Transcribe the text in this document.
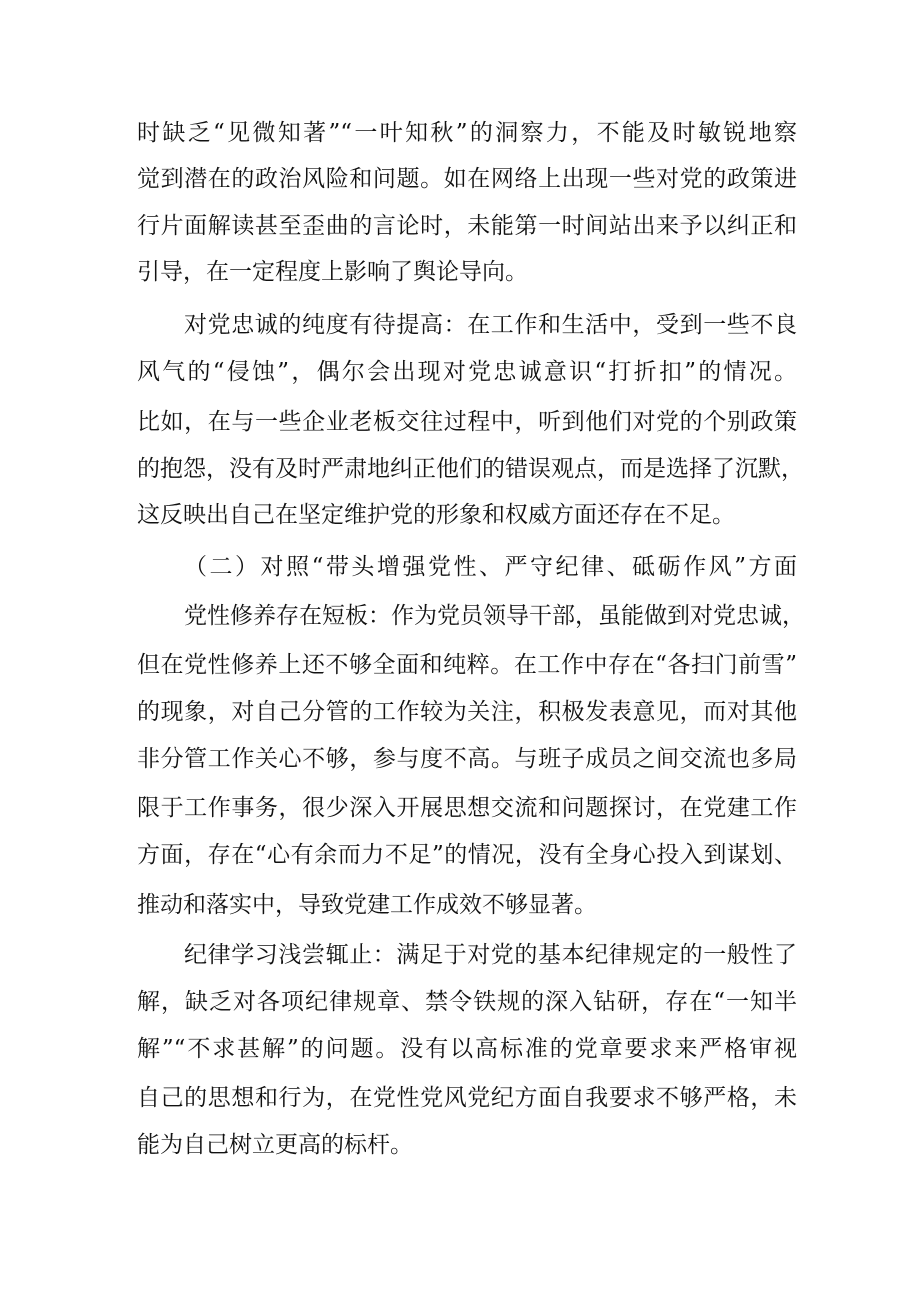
时缺乏“见微知著”“一叶知秋”的洞察力，不能及时敏锐地察
觉到潜在的政治风险和问题。如在网络上出现一些对党的政策进
行片面解读甚至歪曲的言论时，未能第一时间站出来予以纠正和
引导，在一定程度上影响了舆论导向。
对党忠诚的纯度有待提高：在工作和生活中，受到一些不良
风气的“侵蚀”，偶尔会出现对党忠诚意识“打折扣”的情况。
比如，在与一些企业老板交往过程中，听到他们对党的个别政策
的抱怨，没有及时严肃地纠正他们的错误观点，而是选择了沉默，
这反映出自己在坚定维护党的形象和权威方面还存在不足。
（二）对照“带头增强党性、严守纪律、砥砺作风”方面
党性修养存在短板：作为党员领导干部，虽能做到对党忠诚，
但在党性修养上还不够全面和纯粹。在工作中存在“各扫门前雪”
的现象，对自己分管的工作较为关注，积极发表意见，而对其他
非分管工作关心不够，参与度不高。与班子成员之间交流也多局
限于工作事务，很少深入开展思想交流和问题探讨，在党建工作
方面，存在“心有余而力不足”的情况，没有全身心投入到谋划、
推动和落实中，导致党建工作成效不够显著。
纪律学习浅尝辄止：满足于对党的基本纪律规定的一般性了
解，缺乏对各项纪律规章、禁令铁规的深入钻研，存在“一知半
解”“不求甚解”的问题。没有以高标准的党章要求来严格审视
自己的思想和行为，在党性党风党纪方面自我要求不够严格，未
能为自己树立更高的标杆。
